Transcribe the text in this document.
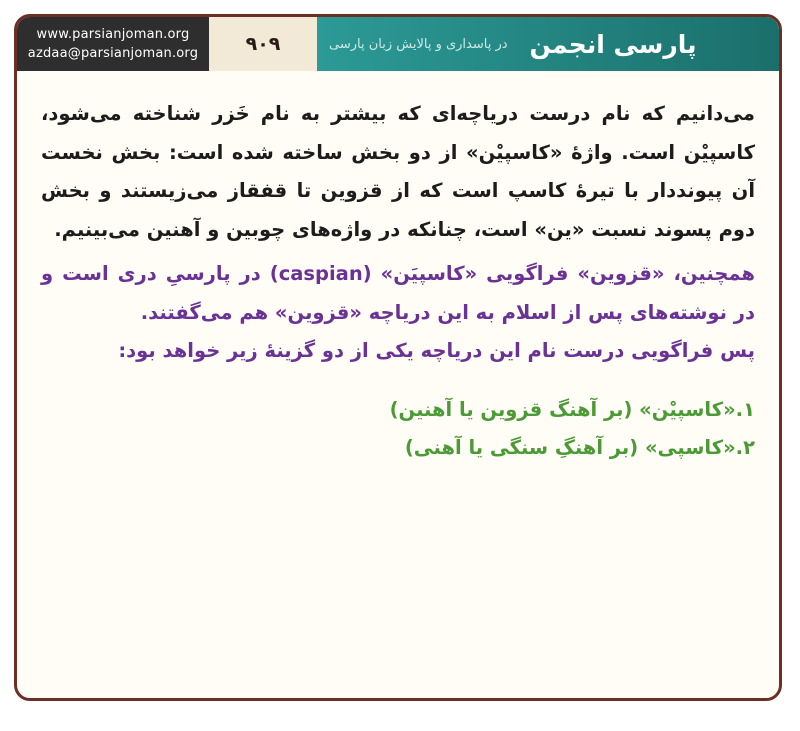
www.parsianjoman.org
azdaa@parsianjoman.org	۹۰۹	پارسی انجمن
در پاسداری و پالایش زبان پارسی

می‌دانیم که نام درست دریاچه‌ای که بیشتر به نام خَزر شناخته می‌شود، کاسپیْن است. واژهٔ «کاسپیْن» از دو بخش ساخته شده است: بخش نخست آن پیونددار با تیرهٔ کاسپ است که از قزوین تا قفقاز می‌زیستند و بخش دوم پسوند نسبت «ین» است، چنانکه در واژه‌های چوبین و آهنین می‌بینیم.

همچنین، «قزوین» فراگویی «کاسپیَن» (caspian) در پارسیِ دری است و در نوشته‌های پس از اسلام به این دریاچه «قزوین» هم می‌گفتند.

پس فراگویی درست نام این دریاچه یکی از دو گزینهٔ زیر خواهد بود:

۱.«کاسپیْن» (بر آهنگ قزوین یا آهنین)
۲.«کاسپی» (بر آهنگِ سنگی یا آهنی)
